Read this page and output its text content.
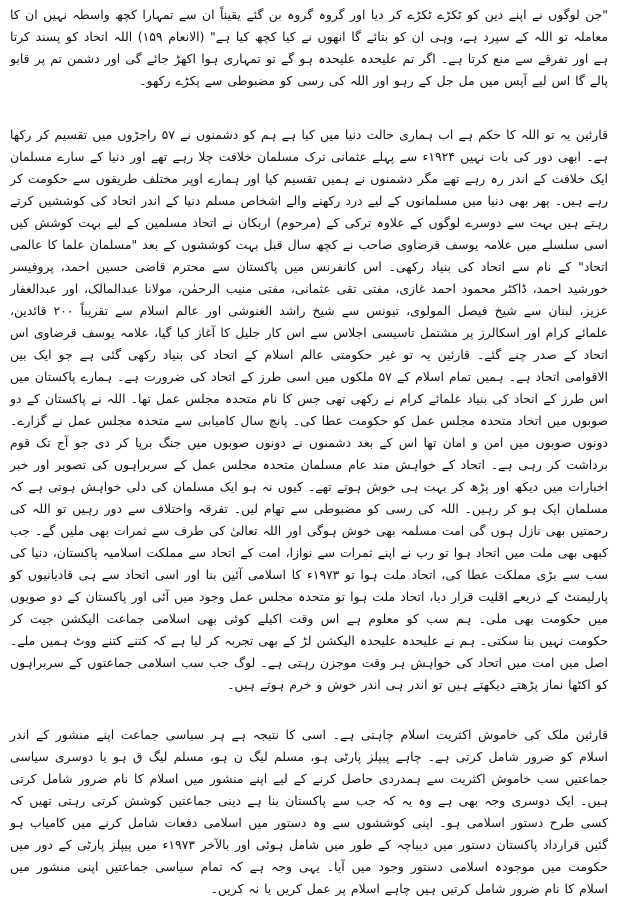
"جن لوگوں نے اپنے دین کو ٹکڑے ٹکڑے کر دیا اور گروہ گروہ بن گئے یقیناً ان سے تمہارا کچھ واسطہ نہیں ان کا معاملہ تو اللہ کے سپرد ہے، وہی ان کو بتائے گا انھوں نے کیا کچھ کیا ہے" (الانعام ۱۵۹) اللہ اتحاد کو پسند کرتا ہے اور تفرقے سے منع کرتا ہے۔ اگر تم علیحدہ علیحدہ ہو گے تو تمہاری ہوا اکھڑ جائے گی اور دشمن تم پر قابو پالے گا اس لیے آپس میں مل جل کے رہو اور اللہ کی رسی کو مضبوطی سے پکڑے رکھو۔

قارئین یہ تو اللہ کا حکم ہے اب ہماری حالت دنیا میں کیا ہے ہم کو دشمنوں نے ۵۷ راجڑوں میں تقسیم کر رکھا ہے۔ ابھی دور کی بات نہیں ۱۹۲۴ء سے پہلے عثمانی ترک مسلمان خلافت چلا رہے تھے اور دنیا کے سارے مسلمان ایک خلافت کے اندر رہ رہے تھے مگر دشمنوں نے ہمیں تقسیم کیا اور ہمارے اوپر مختلف طریقوں سے حکومت کر رہے ہیں۔ پھر بھی دنیا میں مسلمانوں کے لیے درد رکھنے والے اشخاص مسلم دنیا کے اندر اتحاد کی کوششیں کرتے رہتے ہیں بہت سے دوسرے لوگوں کے علاوہ ترکی کے (مرحوم) اربکان نے اتحاد مسلمین کے لیے بہت کوشش کیں اسی سلسلے میں علامہ یوسف قرضاوی صاحب نے کچھ سال قبل بہت کوششوں کے بعد "مسلمان علما کا عالمی اتحاد" کے نام سے اتحاد کی بنیاد رکھی۔ اس کانفرنس میں پاکستان سے محترم قاضی حسین احمد، پروفیسر خورشید احمد، ڈاکٹر محمود احمد غازی، مفتی تقی عثمانی، مفتی منیب الرحمٰن، مولانا عبدالمالک، اور عبدالغفار عزیز، لبنان سے شیخ فیصل المولوی، تیونس سے شیخ راشد الغنوشی اور عالم اسلام سے تقریباً ۲۰۰ قائدین، علمائے کرام اور اسکالرز پر مشتمل تاسیسی اجلاس سے اس کار جلیل کا آغاز کیا گیا، علامہ یوسف قرضاوی اس اتحاد کے صدر چنے گئے۔ قارئین یہ تو غیر حکومتی عالم اسلام کے اتحاد کی بنیاد رکھی گئی ہے جو ایک بین الاقوامی اتحاد ہے۔ ہمیں تمام اسلام کے ۵۷ ملکوں میں اسی طرز کے اتحاد کی ضرورت ہے۔ ہمارے پاکستان میں اس طرز کے اتحاد کی بنیاد علمائے کرام نے رکھی تھی جس کا نام متحدہ مجلس عمل تھا۔ اللہ نے پاکستان کے دو صوبوں میں اتحاد متحدہ مجلس عمل کو حکومت عطا کی۔ پانچ سال کامیابی سے متحدہ مجلس عمل نے گزارے۔ دونوں صوبوں میں امن و امان تھا اس کے بعد دشمنوں نے دونوں صوبوں میں جنگ برپا کر دی جو آج تک قوم برداشت کر رہی ہے۔ اتحاد کے خواہش مند عام مسلمان متحدہ مجلس عمل کے سربراہوں کی تصویر اور خبر اخبارات میں دیکھ اور پڑھ کر بہت ہی خوش ہوتے تھے۔ کیوں نہ ہو ایک مسلمان کی دلی خواہش ہوتی ہے کہ مسلمان ایک ہو کر رہیں۔ اللہ کی رسی کو مضبوطی سے تھام لیں۔ تفرقہ واختلاف سے دور رہیں تو اللہ کی رحمتیں بھی نازل ہوں گی امت مسلمہ بھی خوش ہوگی اور اللہ تعالیٰ کی طرف سے ثمرات بھی ملیں گے۔ جب کبھی بھی ملت میں اتحاد ہوا تو رب نے اپنے ثمرات سے نوازا، امت کے اتحاد سے مملکت اسلامیہ پاکستان، دنیا کی سب سے بڑی مملکت عطا کی، اتحاد ملت ہوا تو ۱۹۷۳ء کا اسلامی آئین بنا اور اسی اتحاد سے ہی قادیانیوں کو پارلیمنٹ کے ذریعے اقلیت قرار دیا، اتحاد ملت ہوا تو متحدہ مجلس عمل وجود میں آئی اور پاکستان کے دو صوبوں میں حکومت بھی ملی۔ ہم سب کو معلوم ہے اس وقت اکیلے کوئی بھی اسلامی جماعت الیکشن جیت کر حکومت نہیں بنا سکتی۔ ہم نے علیحدہ علیحدہ الیکشن لڑ کے بھی تجربہ کر لیا ہے کہ کتنے کتنے ووٹ ہمیں ملے۔ اصل میں امت میں اتحاد کی خواہش ہر وقت موجزن رہتی ہے۔ لوگ جب سب اسلامی جماعتوں کے سربراہوں کو اکٹھا نماز پڑھتے دیکھتے ہیں تو اندر ہی اندر خوش و خرم ہوتے ہیں۔

قارئین ملک کی خاموش اکثریت اسلام چاہتی ہے۔ اسی کا نتیجہ ہے ہر سیاسی جماعت اپنے منشور کے اندر اسلام کو ضرور شامل کرتی ہے۔ چاہے پیپلز پارٹی ہو، مسلم لیگ ن ہو، مسلم لیگ ق ہو یا دوسری سیاسی جماعتیں سب خاموش اکثریت سے ہمدردی حاصل کرنے کے لیے اپنے منشور میں اسلام کا نام ضرور شامل کرتی ہیں۔ ایک دوسری وجہ بھی ہے وہ یہ کہ جب سے پاکستان بنا ہے دینی جماعتیں کوشش کرتی رہتی تھیں کہ کسی طرح دستور اسلامی ہو۔ اپنی کوششوں سے وہ دستور میں اسلامی دفعات شامل کرنے میں کامیاب ہو گئیں قرارداد پاکستان دستور میں دیباچہ کے طور میں شامل ہوئی اور بالآخر ۱۹۷۳ء میں پیپلز پارٹی کے دور میں حکومت میں موجودہ اسلامی دستور وجود میں آیا۔ یہی وجہ ہے کہ تمام سیاسی جماعتیں اپنی منشور میں اسلام کا نام ضرور شامل کرتیں ہیں چاہے اسلام پر عمل کریں یا نہ کریں۔
